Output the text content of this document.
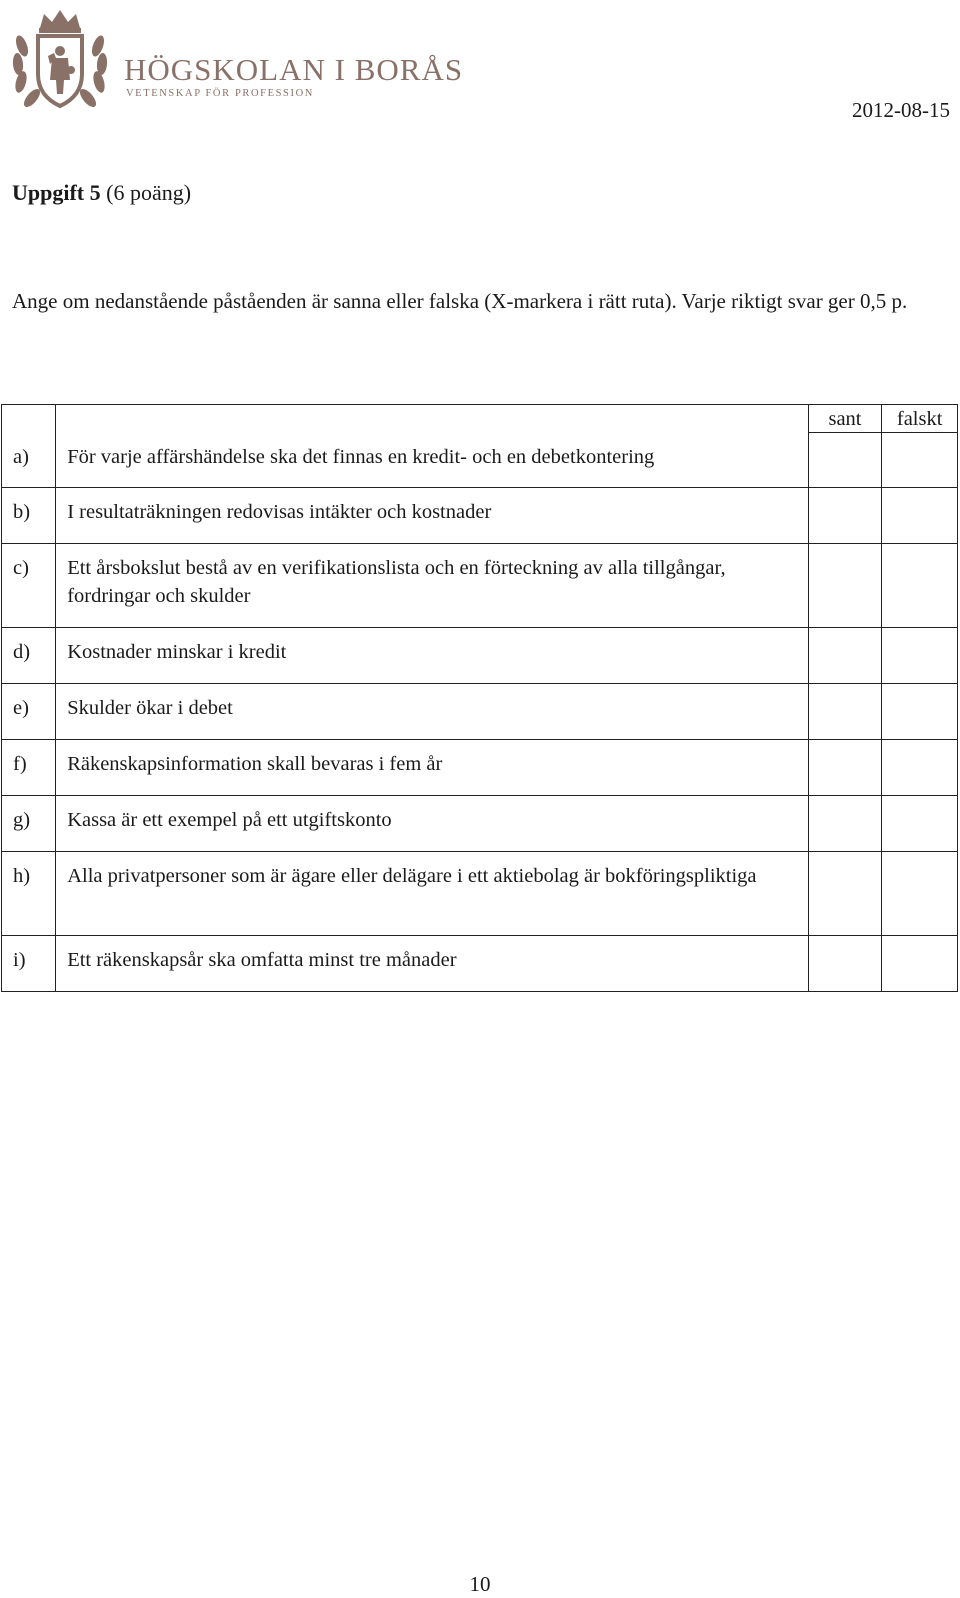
HÖGSKOLAN I BORÅS
VETENSKAP FÖR PROFESSION
2012-08-15
Uppgift 5 (6 poäng)
Ange om nedanstående påståenden är sanna eller falska (X-markera i rätt ruta). Varje riktigt svar ger 0,5 p.

		sant	falskt

a)	För varje affärshändelse ska det finnas en kredit- och en debetkontering		
b)	I resultaträkningen redovisas intäkter och kostnader		
c)	Ett årsbokslut bestå av en verifikationslista och en förteckning av alla tillgångar, fordringar och skulder		
d)	Kostnader minskar i kredit		
e)	Skulder ökar i debet		
f)	Räkenskapsinformation skall bevaras i fem år		
g)	Kassa är ett exempel på ett utgiftskonto		
h)	Alla privatpersoner som är ägare eller delägare i ett aktiebolag är bokföringspliktiga		
i)	Ett räkenskapsår ska omfatta minst tre månader		
10
